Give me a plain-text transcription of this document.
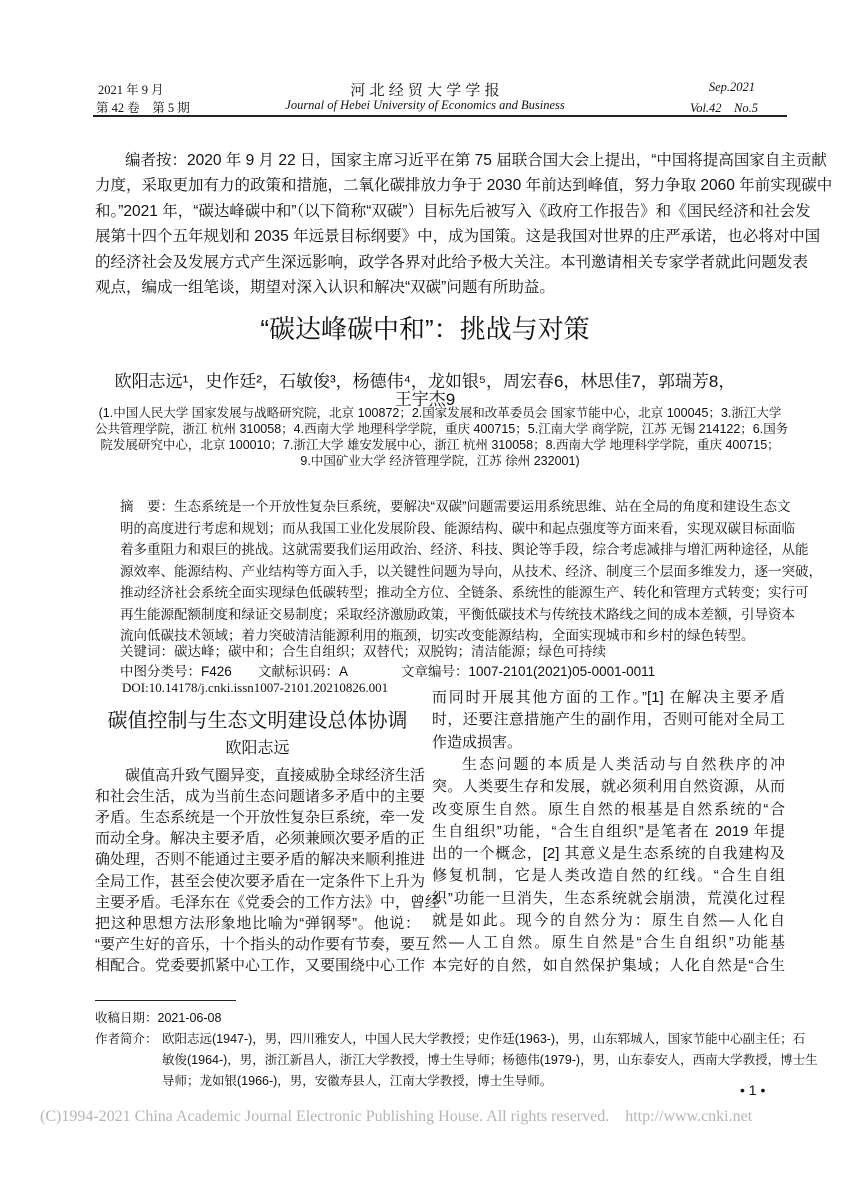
2021 年 9 月
第 42 卷　第 5 期
河 北 经 贸 大 学 学 报
Journal of Hebei University of Economics and Business
Sep.2021
Vol.42　No.5
编者按：2020 年 9 月 22 日，国家主席习近平在第 75 届联合国大会上提出，“中国将提高国家自主贡献
力度，采取更加有力的政策和措施，二氧化碳排放力争于 2030 年前达到峰值，努力争取 2060 年前实现碳中
和。”2021 年，“碳达峰碳中和”（以下简称“双碳”）目标先后被写入《政府工作报告》和《国民经济和社会发
展第十四个五年规划和 2035 年远景目标纲要》中，成为国策。这是我国对世界的庄严承诺，也必将对中国
的经济社会及发展方式产生深远影响，政学各界对此给予极大关注。本刊邀请相关专家学者就此问题发表
观点，编成一组笔谈，期望对深入认识和解决“双碳”问题有所助益。
“碳达峰碳中和”：挑战与对策
欧阳志远¹，史作廷²，石敏俊³，杨德伟⁴，龙如银⁵，周宏春6，林思佳7，郭瑞芳8，
王宇杰9
(1.中国人民大学 国家发展与战略研究院，北京 100872；2.国家发展和改革委员会 国家节能中心，北京 100045；3.浙江大学
公共管理学院，浙江 杭州 310058；4.西南大学 地理科学学院，重庆 400715；5.江南大学 商学院，江苏 无锡 214122；6.国务
院发展研究中心，北京 100010；7.浙江大学 雄安发展中心，浙江 杭州 310058；8.西南大学 地理科学学院，重庆 400715；
9.中国矿业大学 经济管理学院，江苏 徐州 232001)
摘　要：生态系统是一个开放性复杂巨系统，要解决“双碳”问题需要运用系统思维、站在全局的角度和建设生态文
明的高度进行考虑和规划；而从我国工业化发展阶段、能源结构、碳中和起点强度等方面来看，实现双碳目标面临
着多重阻力和艰巨的挑战。这就需要我们运用政治、经济、科技、舆论等手段，综合考虑减排与增汇两种途径，从能
源效率、能源结构、产业结构等方面入手，以关键性问题为导向，从技术、经济、制度三个层面多维发力，逐一突破，
推动经济社会系统全面实现绿色低碳转型；推动全方位、全链条、系统性的能源生产、转化和管理方式转变；实行可
再生能源配额制度和绿证交易制度；采取经济激励政策，平衡低碳技术与传统技术路线之间的成本差额，引导资本
流向低碳技术领域；着力突破清洁能源利用的瓶颈，切实改变能源结构，全面实现城市和乡村的绿色转型。
关键词：碳达峰；碳中和；合生自组织；双替代；双脱钩；清洁能源；绿色可持续
中图分类号：F426 文献标识码：A	文章编号：1007-2101(2021)05-0001-0011
DOI:10.14178/j.cnki.issn1007-2101.20210826.001
碳值控制与生态文明建设总体协调
欧阳志远
碳值高升致气圈异变，直接威胁全球经济生活
和社会生活，成为当前生态问题诸多矛盾中的主要
矛盾。生态系统是一个开放性复杂巨系统，牵一发
而动全身。解决主要矛盾，必须兼顾次要矛盾的正
确处理，否则不能通过主要矛盾的解决来顺利推进
全局工作，甚至会使次要矛盾在一定条件下上升为
主要矛盾。毛泽东在《党委会的工作方法》中，曾经
把这种思想方法形象地比喻为“弹钢琴”。他说：
“要产生好的音乐，十个指头的动作要有节奏，要互
相配合。党委要抓紧中心工作，又要围绕中心工作
而同时开展其他方面的工作。”[1] 在解决主要矛盾
时，还要注意措施产生的副作用，否则可能对全局工
作造成损害。
生态问题的本质是人类活动与自然秩序的冲
突。人类要生存和发展，就必须利用自然资源，从而
改变原生自然。原生自然的根基是自然系统的“合
生自组织”功能，“合生自组织”是笔者在 2019 年提
出的一个概念，[2] 其意义是生态系统的自我建构及
修复机制，它是人类改造自然的红线。“合生自组
织”功能一旦消失，生态系统就会崩溃，荒漠化过程
就是如此。现今的自然分为：原生自然—人化自
然—人工自然。原生自然是“合生自组织”功能基
本完好的自然，如自然保护集域；人化自然是“合生
收稿日期：2021-06-08
作者简介： 欧阳志远(1947-)，男，四川雅安人，中国人民大学教授；史作廷(1963-)，男，山东郓城人，国家节能中心副主任；石
敏俊(1964-)，男，浙江新昌人，浙江大学教授，博士生导师；杨德伟(1979-)，男，山东泰安人，西南大学教授，博士生
导师；龙如银(1966-)，男，安徽寿县人，江南大学教授，博士生导师。
• 1 •
(C)1994-2021 China Academic Journal Electronic Publishing House. All rights reserved.　http://www.cnki.net
